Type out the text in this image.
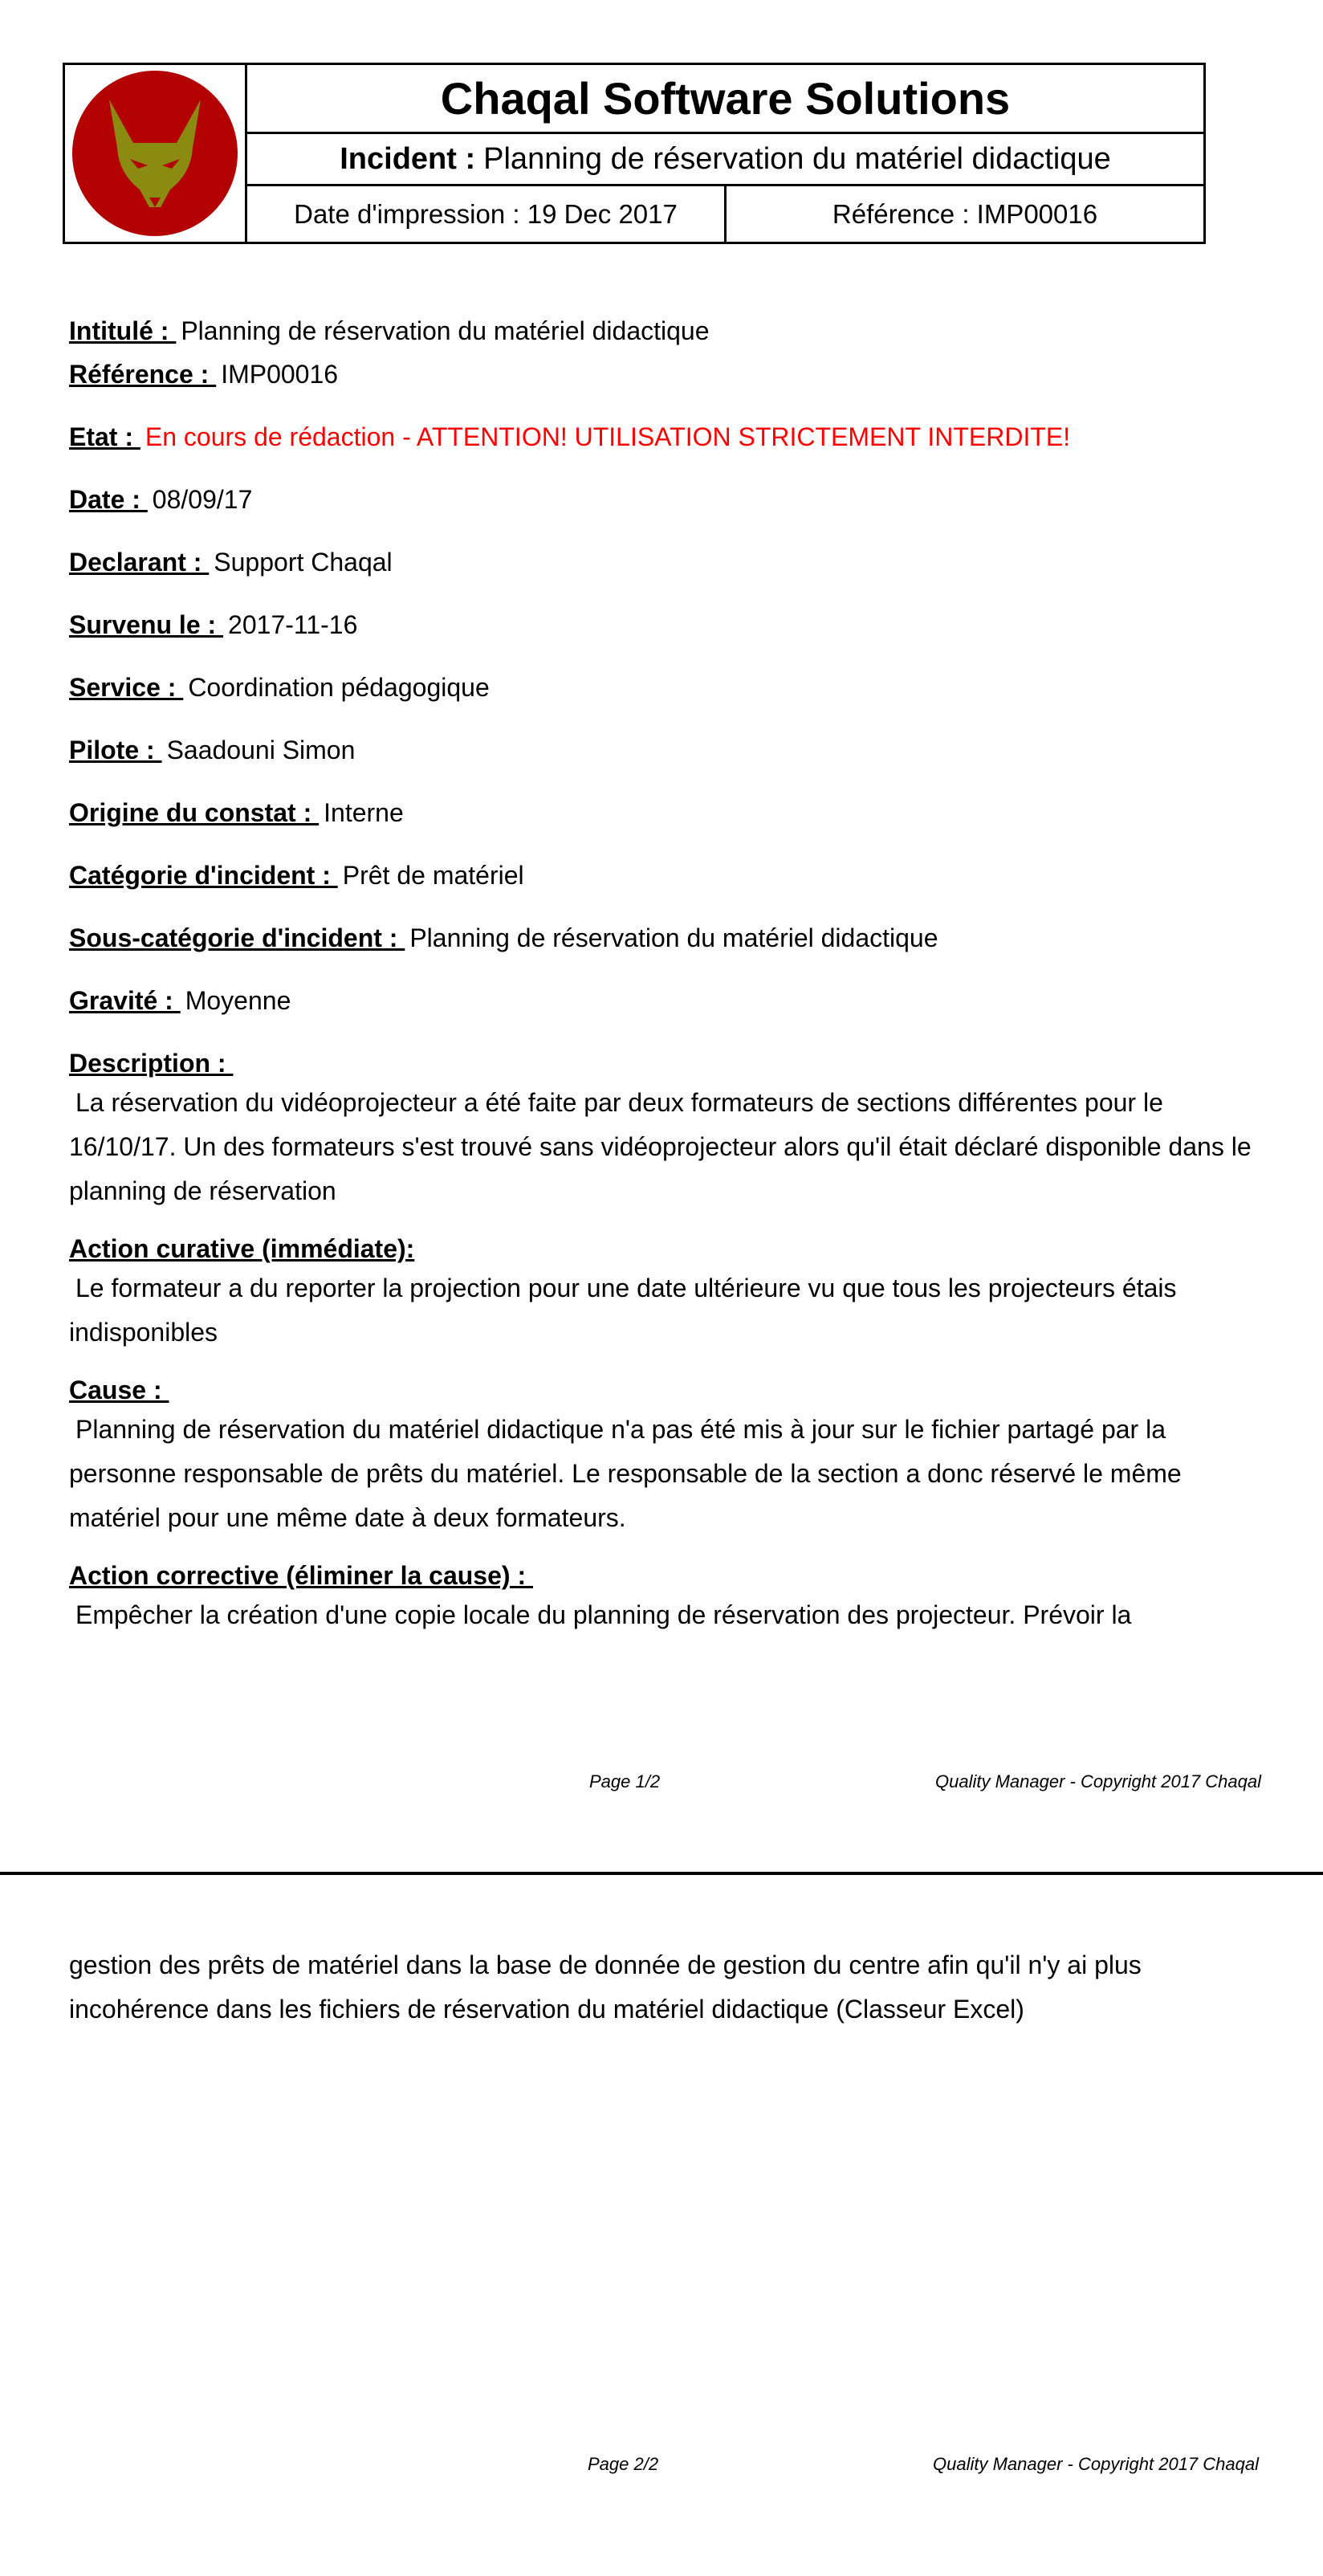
Chaqal Software Solutions
Incident : Planning de réservation du matériel didactique
Date d'impression : 19 Dec 2017	Référence : IMP00016
Intitulé : Planning de réservation du matériel didactique
Référence : IMP00016
Etat : En cours de rédaction - ATTENTION! UTILISATION STRICTEMENT INTERDITE!
Date : 08/09/17
Declarant : Support Chaqal
Survenu le : 2017-11-16
Service : Coordination pédagogique
Pilote : Saadouni Simon
Origine du constat : Interne
Catégorie d'incident : Prêt de matériel
Sous-catégorie d'incident : Planning de réservation du matériel didactique
Gravité : Moyenne
Description :
La réservation du vidéoprojecteur a été faite par deux formateurs de sections différentes pour le 16/10/17. Un des formateurs s'est trouvé sans vidéoprojecteur alors qu'il était déclaré disponible dans le planning de réservation
Action curative (immédiate):
Le formateur a du reporter la projection pour une date ultérieure vu que tous les projecteurs étais indisponibles
Cause :
Planning de réservation du matériel didactique n'a pas été mis à jour sur le fichier partagé par la personne responsable de prêts du matériel. Le responsable de la section a donc réservé le même matériel pour une même date à deux formateurs.
Action corrective (éliminer la cause) :
Empêcher la création d'une copie locale du planning de réservation des projecteur. Prévoir la
Page 1/2	Quality Manager - Copyright 2017 Chaqal
gestion des prêts de matériel dans la base de donnée de gestion du centre afin qu'il n'y ai plus incohérence dans les fichiers de réservation du matériel didactique (Classeur Excel)
Page 2/2	Quality Manager - Copyright 2017 Chaqal
